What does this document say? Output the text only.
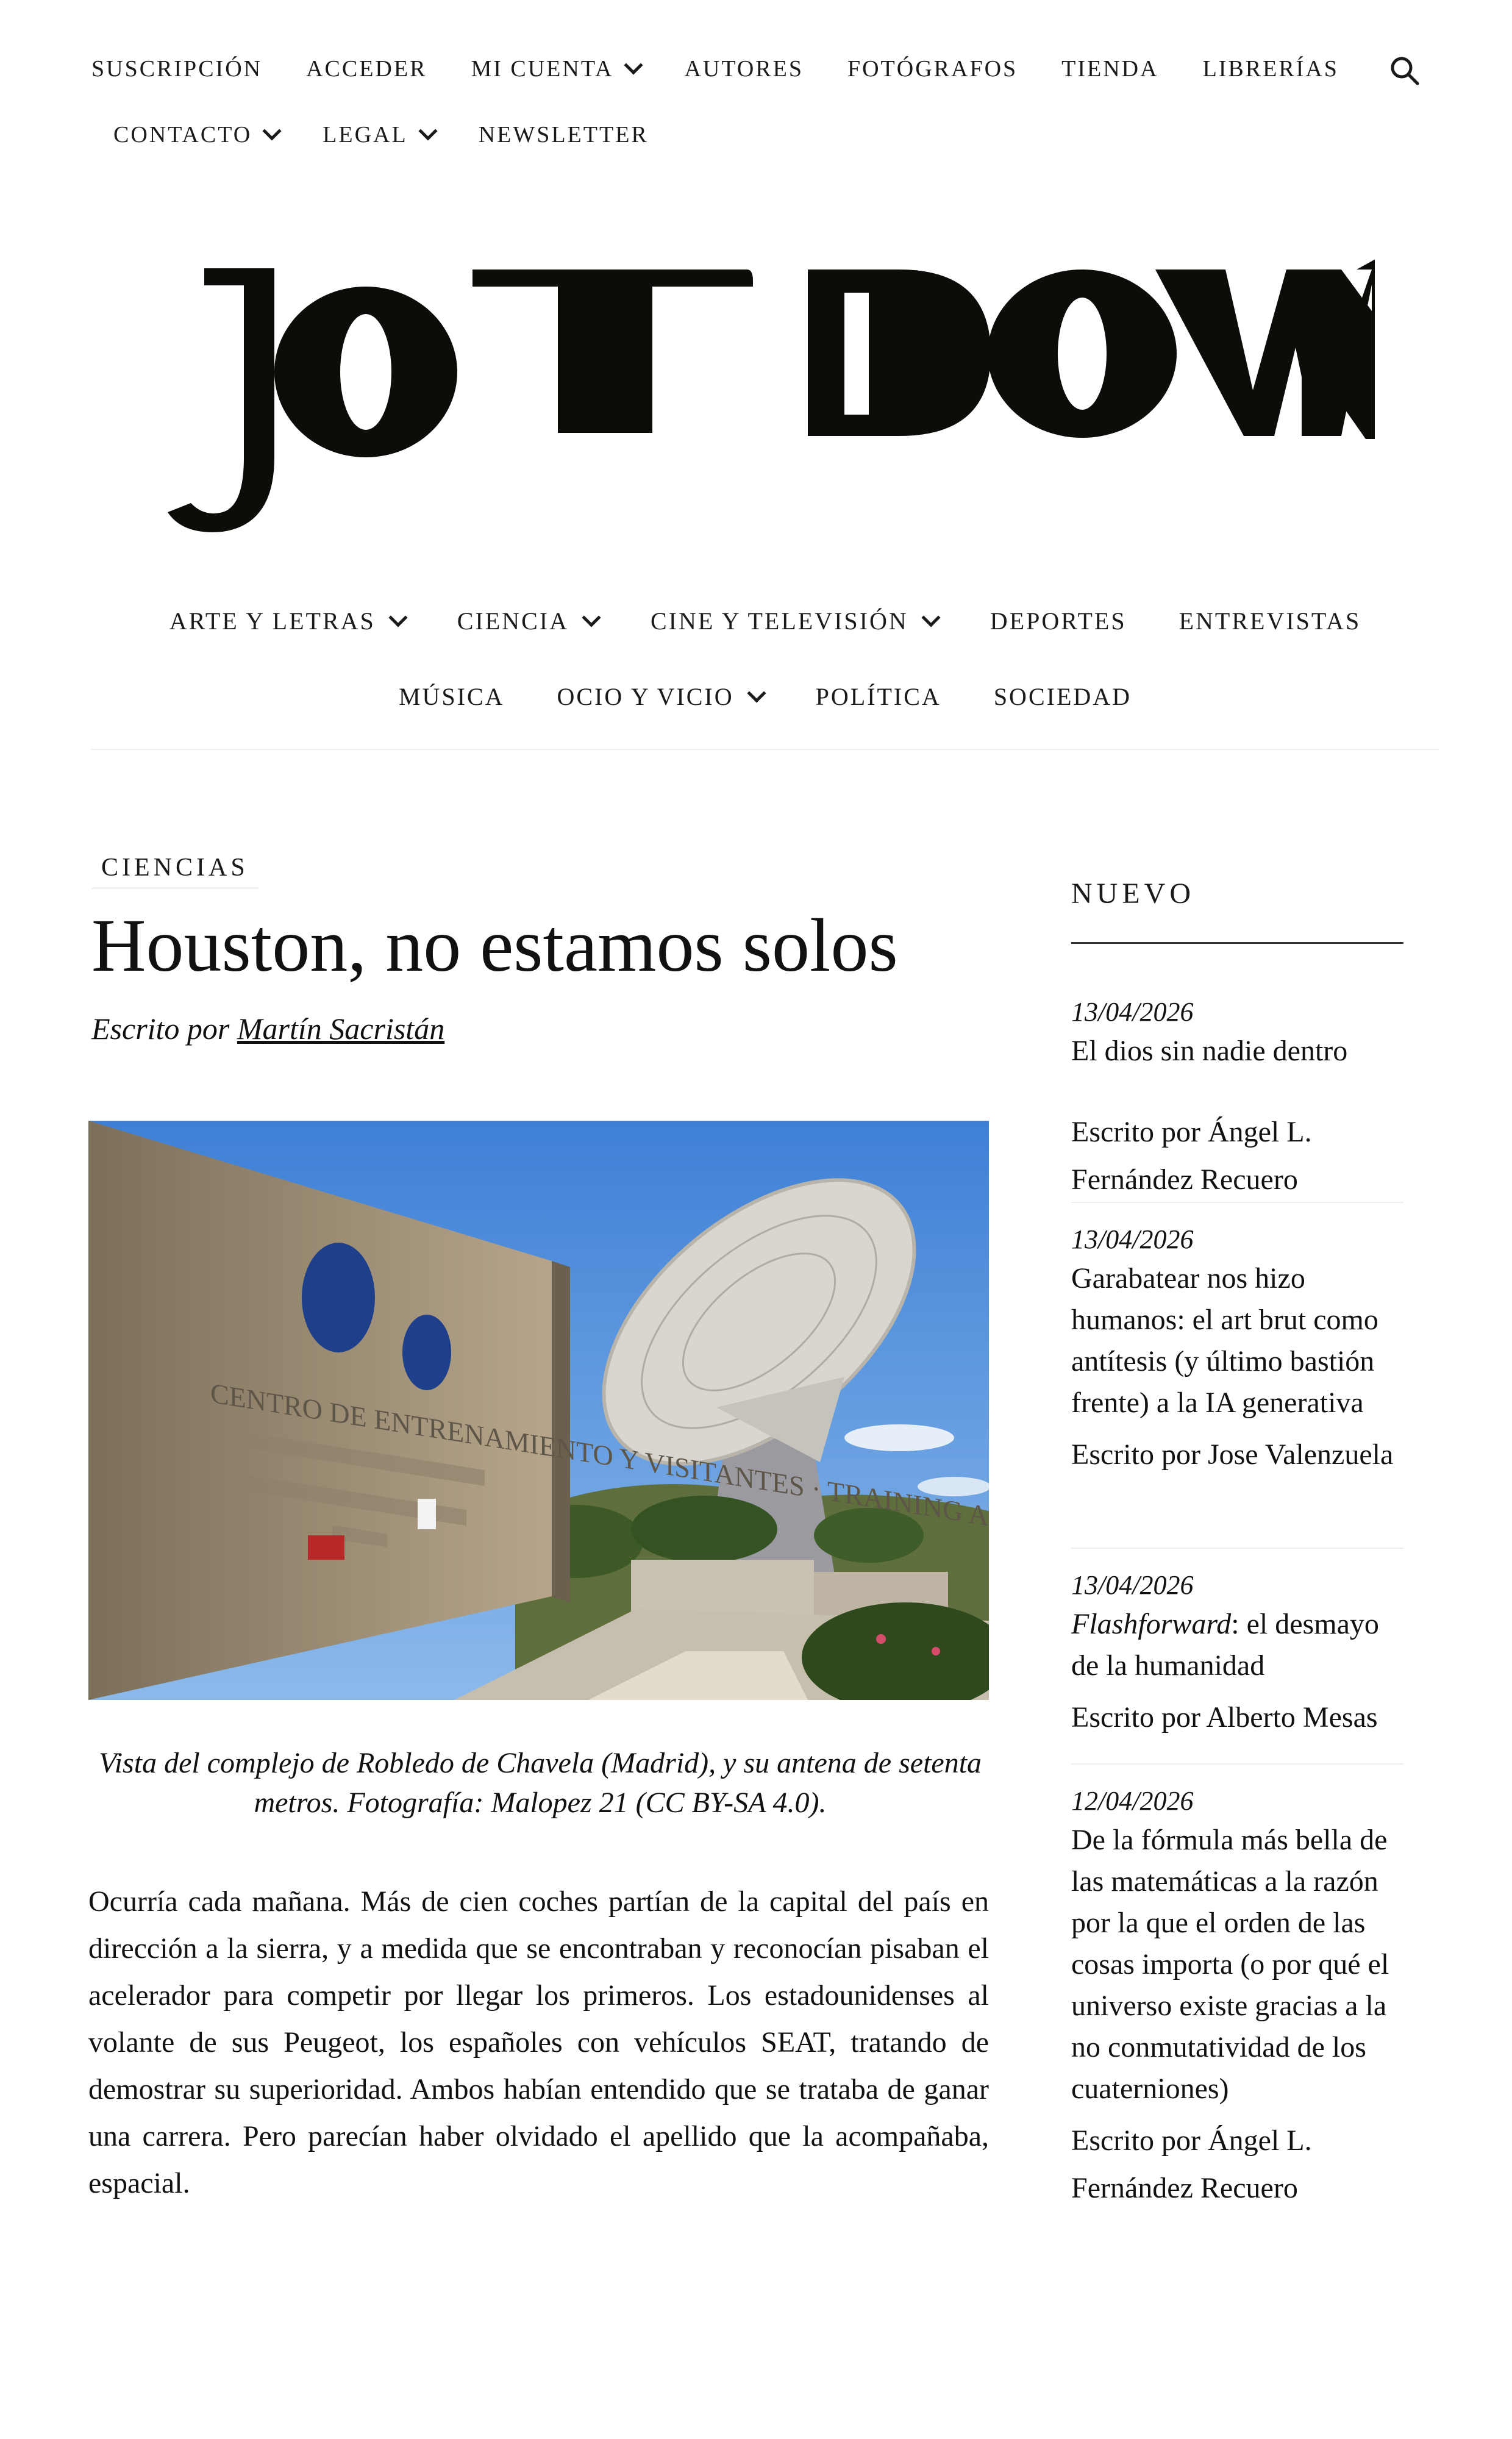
SUSCRIPCIÓN ACCEDER MI CUENTA	AUTORES FOTÓGRAFOS TIENDA LIBRERÍAS
CONTACTO	LEGAL	NEWSLETTER
ARTE Y LETRAS	CIENCIA	CINE Y TELEVISIÓN	DEPORTES ENTREVISTAS
MÚSICA OCIO Y VICIO	POLÍTICA SOCIEDAD
CIENCIAS
Houston, no estamos solos
Escrito por Martín Sacristán

Vista del complejo de Robledo de Chavela (Madrid), y su antena de setenta metros. Fotografía: Malopez 21 (CC BY-SA 4.0).

Ocurría cada mañana. Más de cien coches partían de la capital del país en dirección a la sierra, y a medida que se encontraban y reconocían pisaban el acelerador para competir por llegar los primeros. Los estadounidenses al volante de sus Peugeot, los españoles con vehículos SEAT, tratando de demostrar su superioridad. Ambos habían entendido que se trataba de ganar una carrera. Pero parecían haber olvidado el apellido que la acompañaba, espacial.

NUEVO
13/04/2026
El dios sin nadie dentro
Escrito por Ángel L. Fernández Recuero
13/04/2026
Garabatear nos hizo humanos: el art brut como antítesis (y último bastión frente) a la IA generativa
Escrito por Jose Valenzuela
13/04/2026
Flashforward: el desmayo de la humanidad
Escrito por Alberto Mesas
12/04/2026
De la fórmula más bella de las matemáticas a la razón por la que el orden de las cosas importa (o por qué el universo existe gracias a la no conmutatividad de los cuaterniones)
Escrito por Ángel L. Fernández Recuero
